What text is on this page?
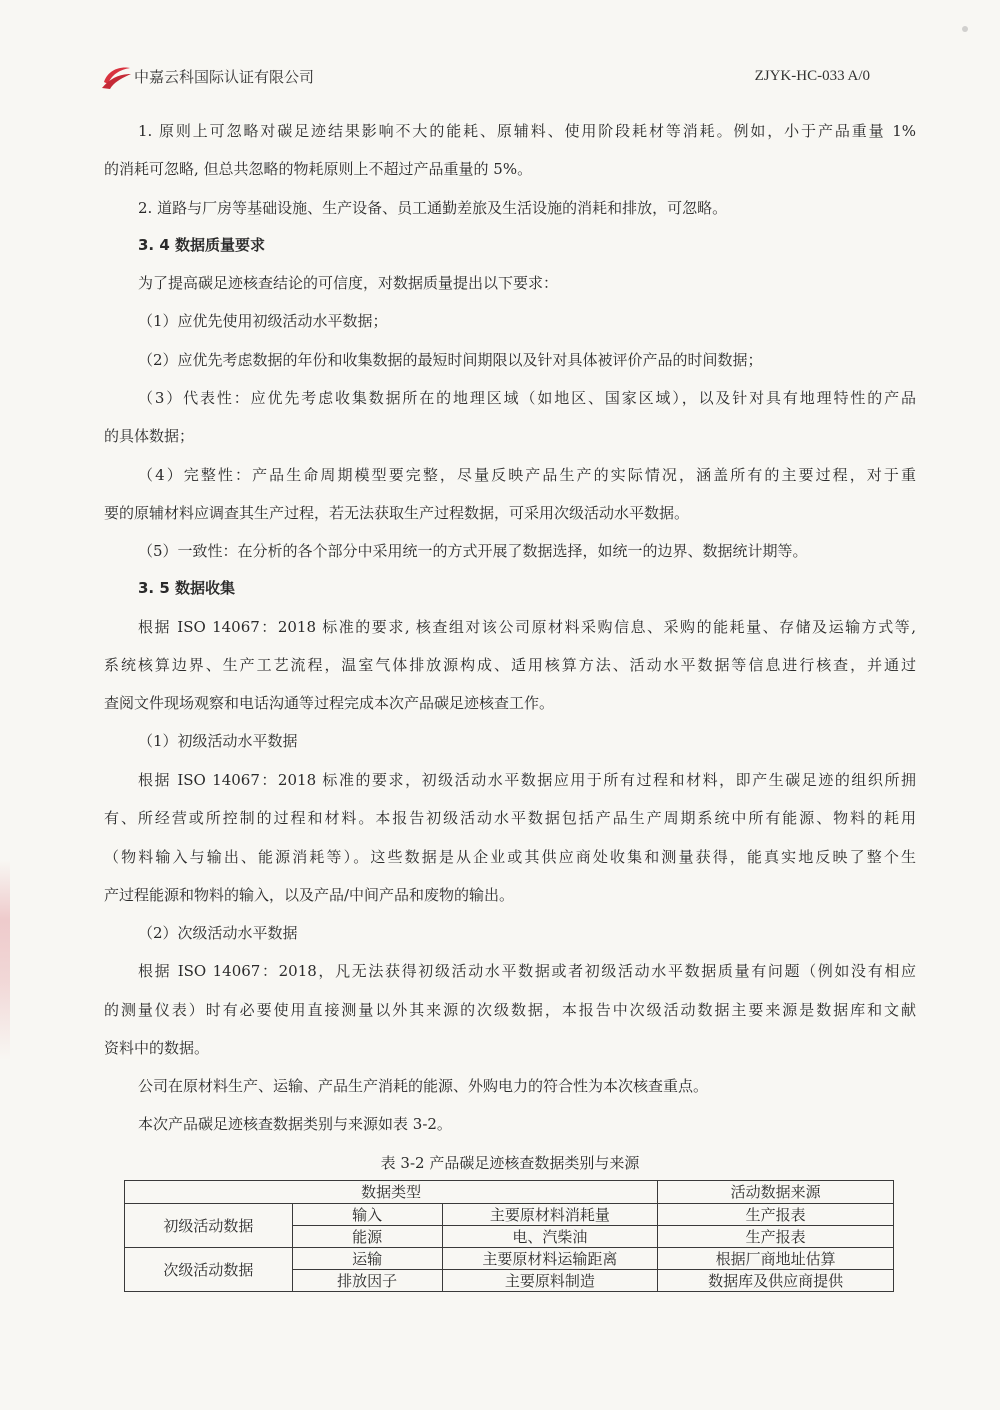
中嘉云科国际认证有限公司	ZJYK-HC-033 A/0
1. 原则上可忽略对碳足迹结果影响不大的能耗、原辅料、使用阶段耗材等消耗。例如，小于产品重量 1%
的消耗可忽略, 但总共忽略的物耗原则上不超过产品重量的 5%。
2. 道路与厂房等基础设施、生产设备、员工通勤差旅及生活设施的消耗和排放，可忽略。
3. 4 数据质量要求
为了提高碳足迹核查结论的可信度，对数据质量提出以下要求：
（1）应优先使用初级活动水平数据；
（2）应优先考虑数据的年份和收集数据的最短时间期限以及针对具体被评价产品的时间数据；
（3）代表性：应优先考虑收集数据所在的地理区域（如地区、国家区域），以及针对具有地理特性的产品
的具体数据；
（4）完整性：产品生命周期模型要完整，尽量反映产品生产的实际情况，涵盖所有的主要过程，对于重
要的原辅材料应调查其生产过程，若无法获取生产过程数据，可采用次级活动水平数据。
（5）一致性：在分析的各个部分中采用统一的方式开展了数据选择，如统一的边界、数据统计期等。
3. 5 数据收集
根据 ISO 14067：2018 标准的要求, 核查组对该公司原材料采购信息、采购的能耗量、存储及运输方式等,
系统核算边界、生产工艺流程，温室气体排放源构成、适用核算方法、活动水平数据等信息进行核查，并通过
查阅文件现场观察和电话沟通等过程完成本次产品碳足迹核查工作。
（1）初级活动水平数据
根据 ISO 14067：2018 标准的要求，初级活动水平数据应用于所有过程和材料，即产生碳足迹的组织所拥
有、所经营或所控制的过程和材料。本报告初级活动水平数据包括产品生产周期系统中所有能源、物料的耗用
（物料输入与输出、能源消耗等）。这些数据是从企业或其供应商处收集和测量获得，能真实地反映了整个生
产过程能源和物料的输入，以及产品/中间产品和废物的输出。
（2）次级活动水平数据
根据 ISO 14067：2018，凡无法获得初级活动水平数据或者初级活动水平数据质量有问题（例如没有相应
的测量仪表）时有必要使用直接测量以外其来源的次级数据，本报告中次级活动数据主要来源是数据库和文献
资料中的数据。
公司在原材料生产、运输、产品生产消耗的能源、外购电力的符合性为本次核查重点。
本次产品碳足迹核查数据类别与来源如表 3-2。
表 3-2 产品碳足迹核查数据类别与来源
数据类型			活动数据来源
初级活动数据	输入	主要原材料消耗量	生产报表
	能源	电、汽柴油	生产报表
次级活动数据	运输	主要原材料运输距离	根据厂商地址估算
	排放因子	主要原料制造	数据库及供应商提供
